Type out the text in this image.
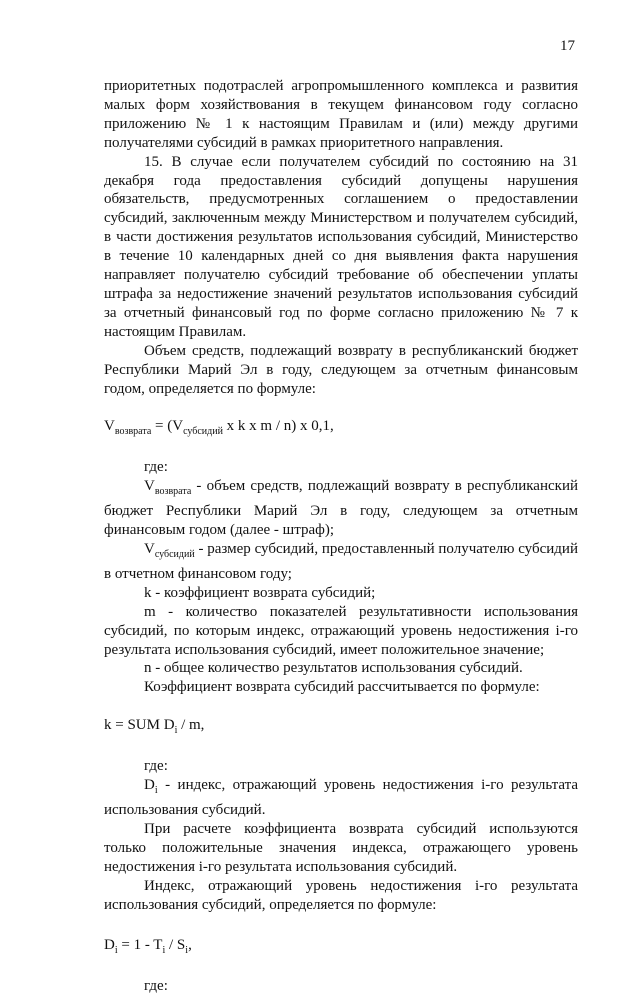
17

приоритетных подотраслей агропромышленного комплекса и развития малых форм хозяйствования в текущем финансовом году согласно приложению № 1 к настоящим Правилам и (или) между другими получателями субсидий в рамках приоритетного направления.

15. В случае если получателем субсидий по состоянию на 31 декабря года предоставления субсидий допущены нарушения обязательств, предусмотренных соглашением о предоставлении субсидий, заключенным между Министерством и получателем субсидий, в части достижения результатов использования субсидий, Министерство в течение 10 календарных дней со дня выявления факта нарушения направляет получателю субсидий требование об обеспечении уплаты штрафа за недостижение значений результатов использования субсидий за отчетный финансовый год по форме согласно приложению № 7 к настоящим Правилам.

Объем средств, подлежащий возврату в республиканский бюджет Республики Марий Эл в году, следующем за отчетным финансовым годом, определяется по формуле:

$V_{возврата} = (V_{субсидий}$ x k x m / n) x 0,1,

где:

$V_{возврата}$ - объем средств, подлежащий возврату в республиканский бюджет Республики Марий Эл в году, следующем за отчетным финансовым годом (далее - штраф);

$V_{субсидий}$ - размер субсидий, предоставленный получателю субсидий в отчетном финансовом году;

k - коэффициент возврата субсидий;

m - количество показателей результативности использования субсидий, по которым индекс, отражающий уровень недостижения i-го результата использования субсидий, имеет положительное значение;

n - общее количество результатов использования субсидий.

Коэффициент возврата субсидий рассчитывается по формуле:

k = SUM $D_i$ / m,

где:

$D_i$ - индекс, отражающий уровень недостижения i-го результата использования субсидий.

При расчете коэффициента возврата субсидий используются только положительные значения индекса, отражающего уровень недостижения i-го результата использования субсидий.

Индекс, отражающий уровень недостижения i-го результата использования субсидий, определяется по формуле:

$D_i = 1 - T_i / S_i$,

где:
